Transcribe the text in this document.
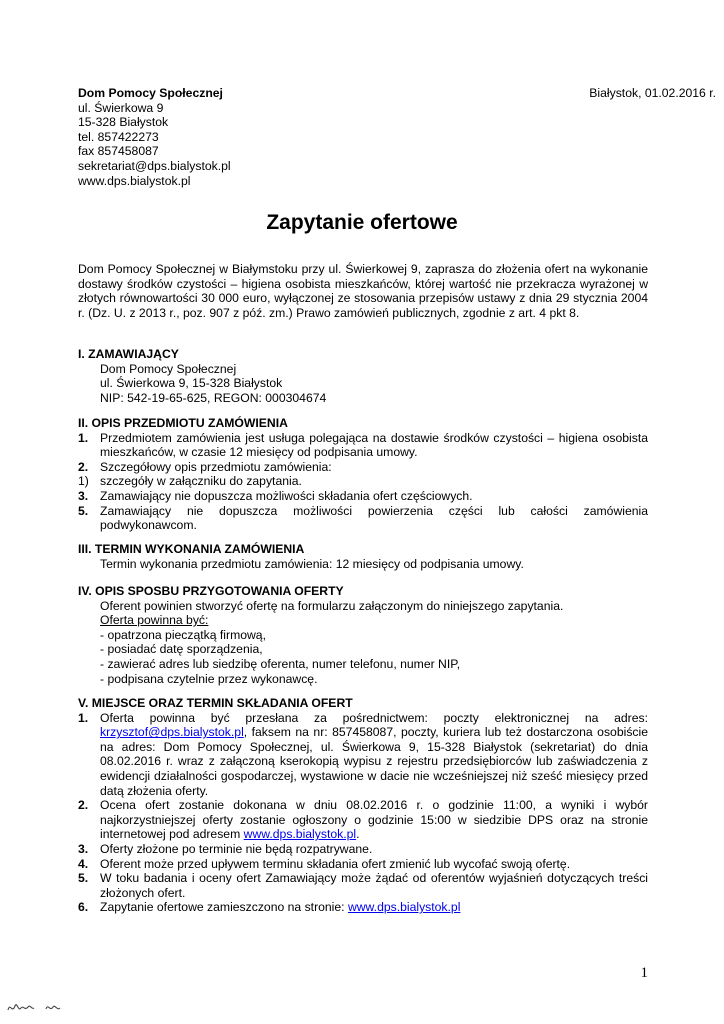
Dom Pomocy Społecznej
ul. Świerkowa 9
15-328 Białystok
tel. 857422273
fax 857458087
sekretariat@dps.bialystok.pl
www.dps.bialystok.pl
Białystok, 01.02.2016 r.
Zapytanie ofertowe
Dom Pomocy Społecznej w Białymstoku przy ul. Świerkowej 9, zaprasza do złożenia ofert na wykonanie dostawy środków czystości – higiena osobista mieszkańców, której wartość nie przekracza wyrażonej w złotych równowartości 30 000 euro, wyłączonej ze stosowania przepisów ustawy z dnia 29 stycznia 2004 r. (Dz. U. z 2013 r., poz. 907 z póź. zm.) Prawo zamówień publicznych, zgodnie z art. 4 pkt 8.
I. ZAMAWIAJĄCY
Dom Pomocy Społecznej
ul. Świerkowa 9, 15-328 Białystok
NIP: 542-19-65-625, REGON: 000304674
II. OPIS PRZEDMIOTU ZAMÓWIENIA
1. Przedmiotem zamówienia jest usługa polegająca na dostawie środków czystości – higiena osobista mieszkańców, w czasie 12 miesięcy od podpisania umowy.
2. Szczegółowy opis przedmiotu zamówienia:
1) szczegóły w załączniku do zapytania.
3. Zamawiający nie dopuszcza możliwości składania ofert częściowych.
5. Zamawiający nie dopuszcza możliwości powierzenia części lub całości zamówienia podwykonawcom.
III. TERMIN WYKONANIA ZAMÓWIENIA
Termin wykonania przedmiotu zamówienia: 12 miesięcy od podpisania umowy.
IV. OPIS SPOSBU PRZYGOTOWANIA OFERTY
Oferent powinien stworzyć ofertę na formularzu załączonym do niniejszego zapytania.
Oferta powinna być:
- opatrzona pieczątką firmową,
- posiadać datę sporządzenia,
- zawierać adres lub siedzibę oferenta, numer telefonu, numer NIP,
- podpisana czytelnie przez wykonawcę.
V. MIEJSCE ORAZ TERMIN SKŁADANIA OFERT
1. Oferta powinna być przesłana za pośrednictwem: poczty elektronicznej na adres: krzysztof@dps.bialystok.pl, faksem na nr: 857458087, poczty, kuriera lub też dostarczona osobiście na adres: Dom Pomocy Społecznej, ul. Świerkowa 9, 15-328 Białystok (sekretariat) do dnia 08.02.2016 r. wraz z załączoną kserokopią wypisu z rejestru przedsiębiorców lub zaświadczenia z ewidencji działalności gospodarczej, wystawione w dacie nie wcześniejszej niż sześć miesięcy przed datą złożenia oferty.
2. Ocena ofert zostanie dokonana w dniu 08.02.2016 r. o godzinie 11:00, a wyniki i wybór najkorzystniejszej oferty zostanie ogłoszony o godzinie 15:00 w siedzibie DPS oraz na stronie internetowej pod adresem www.dps.bialystok.pl.
3. Oferty złożone po terminie nie będą rozpatrywane.
4. Oferent może przed upływem terminu składania ofert zmienić lub wycofać swoją ofertę.
5. W toku badania i oceny ofert Zamawiający może żądać od oferentów wyjaśnień dotyczących treści złożonych ofert.
6. Zapytanie ofertowe zamieszczono na stronie: www.dps.bialystok.pl
1
